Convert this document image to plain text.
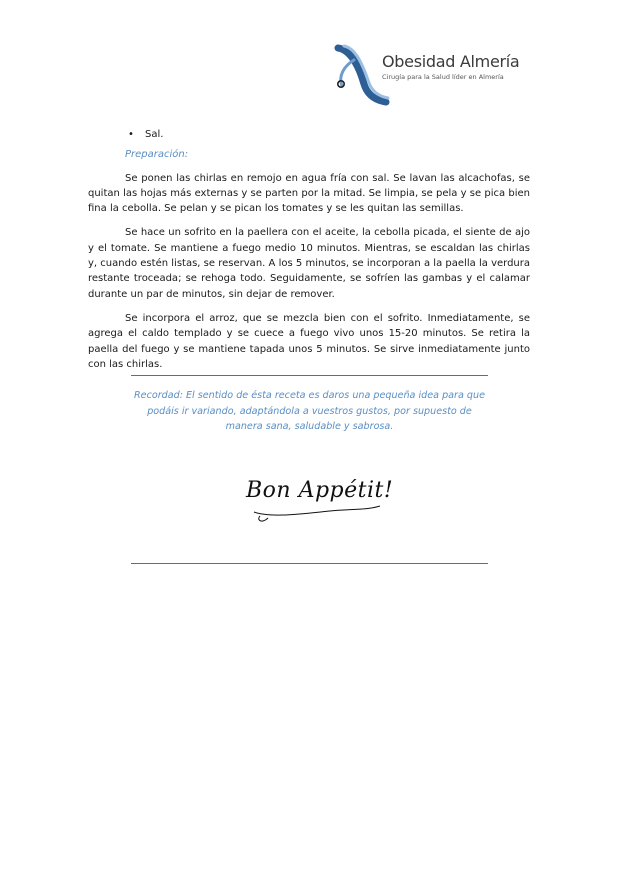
Obesidad Almería
Cirugía para la Salud líder en Almería
• Sal.
Preparación:

Se ponen las chirlas en remojo en agua fría con sal. Se lavan las alcachofas, se quitan las hojas más externas y se parten por la mitad. Se limpia, se pela y se pica bien fina la cebolla. Se pelan y se pican los tomates y se les quitan las semillas.

Se hace un sofrito en la paellera con el aceite, la cebolla picada, el siente de ajo y el tomate. Se mantiene a fuego medio 10 minutos. Mientras, se escaldan las chirlas y, cuando estén listas, se reservan. A los 5 minutos, se incorporan a la paella la verdura restante troceada; se rehoga todo. Seguidamente, se sofríen las gambas y el calamar durante un par de minutos, sin dejar de remover.

Se incorpora el arroz, que se mezcla bien con el sofrito. Inmediatamente, se agrega el caldo templado y se cuece a fuego vivo unos 15-20 minutos. Se retira la paella del fuego y se mantiene tapada unos 5 minutos. Se sirve inmediatamente junto con las chirlas.

Recordad: El sentido de ésta receta es daros una pequeña idea para que podáis ir variando, adaptándola a vuestros gustos, por supuesto de manera sana, saludable y sabrosa.
Bon Appétit!
